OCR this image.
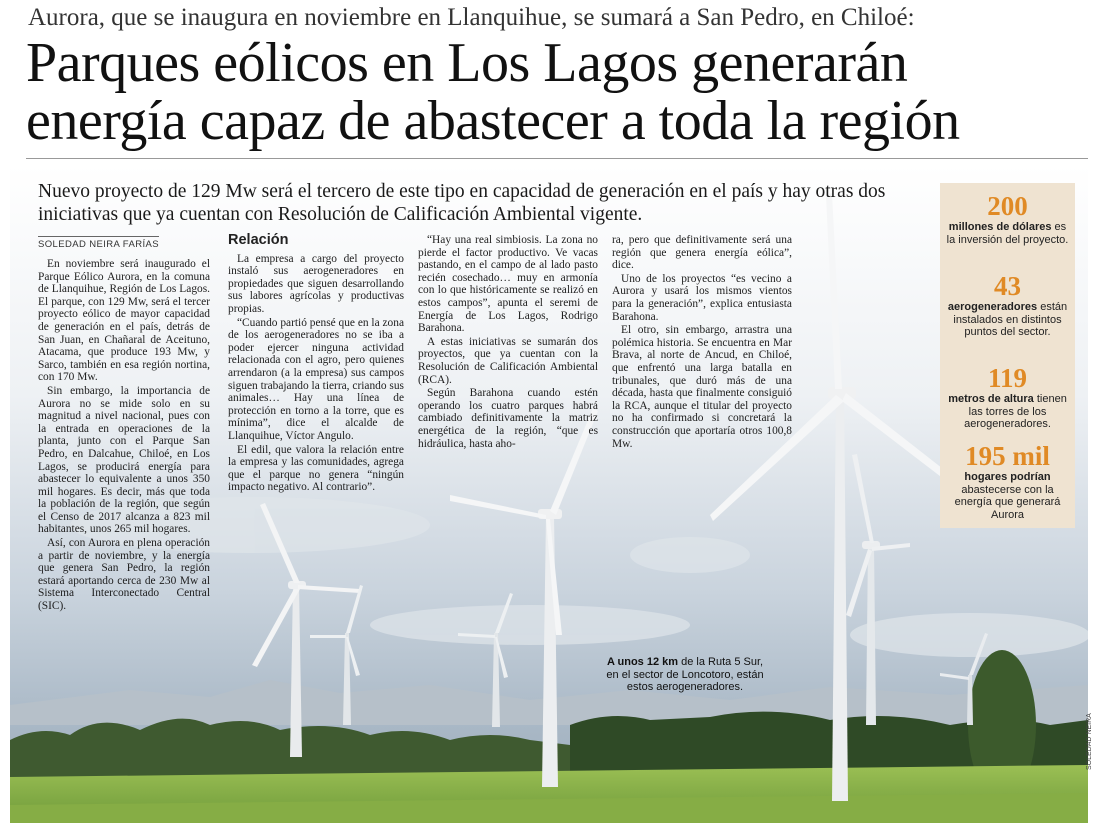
Aurora, que se inaugura en noviembre en Llanquihue, se sumará a San Pedro, en Chiloé:
Parques eólicos en Los Lagos generarán
energía capaz de abastecer a toda la región
Nuevo proyecto de 129 Mw será el tercero de este tipo en capacidad de generación en el país y hay otras dos iniciativas que ya cuentan con Resolución de Calificación Ambiental vigente.
SOLEDAD NEIRA FARÍAS

En noviembre será inaugurado el Parque Eólico Aurora, en la comuna de Llanquihue, Región de Los Lagos. El parque, con 129 Mw, será el tercer proyecto eólico de mayor capacidad de generación en el país, detrás de San Juan, en Chañaral de Aceituno, Atacama, que produce 193 Mw, y Sarco, también en esa región nortina, con 170 Mw.

Sin embargo, la importancia de Aurora no se mide solo en su magnitud a nivel nacional, pues con la entrada en operaciones de la planta, junto con el Parque San Pedro, en Dalcahue, Chiloé, en Los Lagos, se producirá energía para abastecer lo equivalente a unos 350 mil hogares. Es decir, más que toda la población de la región, que según el Censo de 2017 alcanza a 823 mil habitantes, unos 265 mil hogares.

Así, con Aurora en plena operación a partir de noviembre, y la energía que genera San Pedro, la región estará aportando cerca de 230 Mw al Sistema Interconectado Central (SIC).

Relación

La empresa a cargo del proyecto instaló sus aerogeneradores en propiedades que siguen desarrollando sus labores agrícolas y productivas propias.

“Cuando partió pensé que en la zona de los aerogeneradores no se iba a poder ejercer ninguna actividad relacionada con el agro, pero quienes arrendaron (a la empresa) sus campos siguen trabajando la tierra, criando sus animales… Hay una línea de protección en torno a la torre, que es mínima”, dice el alcalde de Llanquihue, Víctor Angulo.

El edil, que valora la relación entre la empresa y las comunidades, agrega que el parque no genera “ningún impacto negativo. Al contrario”.

“Hay una real simbiosis. La zona no pierde el factor productivo. Ve vacas pastando, en el campo de al lado pasto recién cosechado… muy en armonía con lo que históricamente se realizó en estos campos”, apunta el seremi de Energía de Los Lagos, Rodrigo Barahona.

A estas iniciativas se sumarán dos proyectos, que ya cuentan con la Resolución de Calificación Ambiental (RCA).

Según Barahona cuando estén operando los cuatro parques habrá cambiado definitivamente la matriz energética de la región, “que es hidráulica, hasta aho-

ra, pero que definitivamente será una región que genera energía eólica”, dice.

Uno de los proyectos “es vecino a Aurora y usará los mismos vientos para la generación”, explica entusiasta Barahona.

El otro, sin embargo, arrastra una polémica historia. Se encuentra en Mar Brava, al norte de Ancud, en Chiloé, que enfrentó una larga batalla en tribunales, que duró más de una década, hasta que finalmente consiguió la RCA, aunque el titular del proyecto no ha confirmado si concretará la construcción que aportaría otros 100,8 Mw.

200
millones de dólares es la inversión del proyecto.
43
aerogeneradores están instalados en distintos puntos del sector.
119
metros de altura tienen las torres de los aerogeneradores.
195 mil
hogares podrían abastecerse con la energía que generará Aurora
A unos 12 km de la Ruta 5 Sur, en el sector de Loncotoro, están estos aerogeneradores.
SOLEDAD NEIRA
